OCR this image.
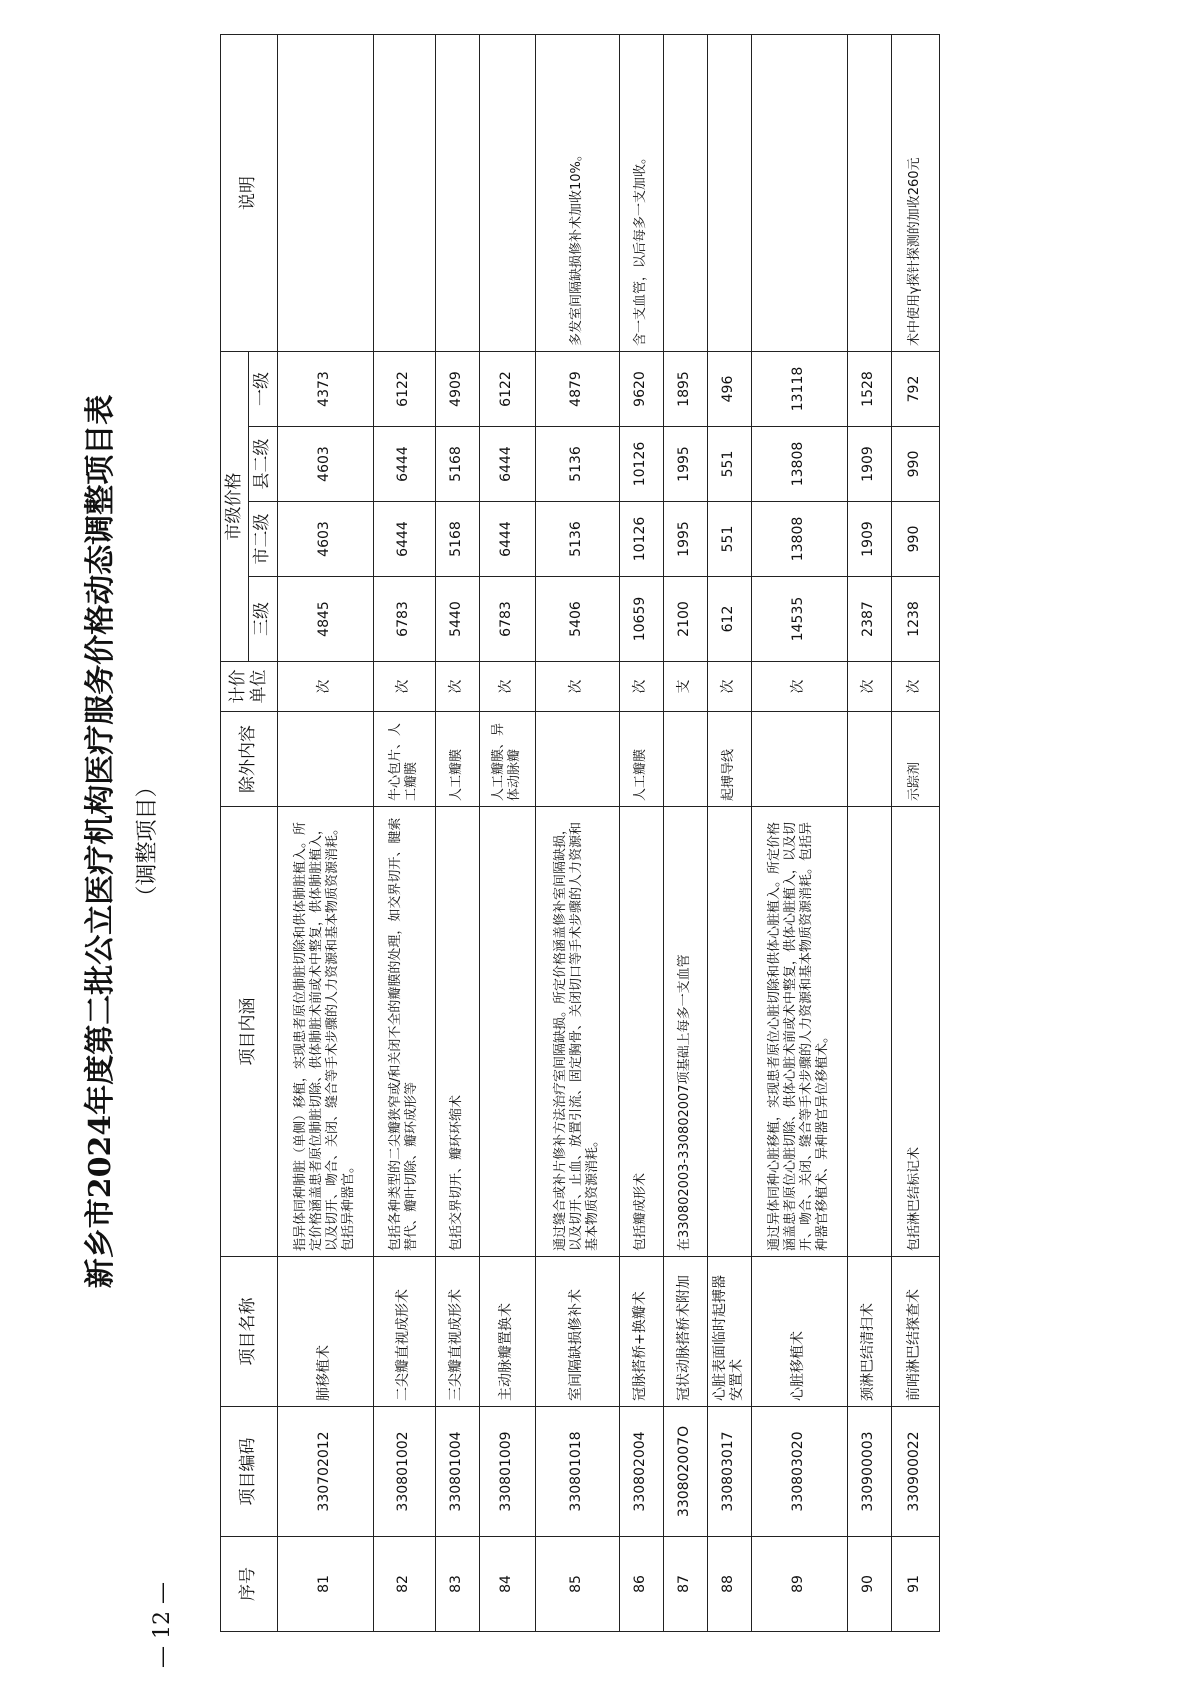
— 12 —
新乡市2024年度第二批公立医疗机构医疗服务价格动态调整项目表 （调整项目）
序号	项目编码	项目名称	项目内涵	除外内容	计价单位	市级价格				说明
						三级	市二级	县二级	一级	
81	330702012	肺移植术	指异体同种肺脏（单侧）移植，实现患者原位肺脏切除和供体肺脏植入。所定价格涵盖患者原位肺脏切除、供体肺脏术前或术中整复，供体肺脏植入，以及切开、吻合、关闭、缝合等手术步骤的人力资源和基本物质资源消耗。包括异种器官。		次	4845	4603	4603	4373	
82	330801002	二尖瓣直视成形术	包括各种类型的二尖瓣狭窄或/和关闭不全的瓣膜的处理，如交界切开、腱索替代、瓣叶切除、瓣环成形等	牛心包片、人工瓣膜	次	6783	6444	6444	6122	
83	330801004	三尖瓣直视成形术	包括交界切开、瓣环环缩术	人工瓣膜	次	5440	5168	5168	4909	
84	330801009	主动脉瓣置换术		人工瓣膜、异体动脉瓣	次	6783	6444	6444	6122	
85	330801018	室间隔缺损修补术	通过缝合或补片修补方法治疗室间隔缺损。所定价格涵盖修补室间隔缺损，以及切开、止血、放置引流、固定胸骨、关闭切口等手术步骤的人力资源和基本物质资源消耗。		次	5406	5136	5136	4879	多发室间隔缺损修补术加收10%。
86	330802004	冠脉搭桥+换瓣术	包括瓣成形术	人工瓣膜	次	10659	10126	10126	9620	含一支血管，以后每多一支加收。
87	330802007O	冠状动脉搭桥术附加	在330802003-330802007项基础上每多一支血管		支	2100	1995	1995	1895	
88	330803017	心脏表面临时起搏器安置术		起搏导线	次	612	551	551	496	
89	330803020	心脏移植术	通过异体同种心脏移植，实现患者原位心脏切除和供体心脏植入。所定价格涵盖患者原位心脏切除、供体心脏术前或术中整复，供体心脏植入，以及切开、吻合、关闭、缝合等手术步骤的人力资源和基本物质资源消耗。包括异种器官移植术、异种器官异位移植术。		次	14535	13808	13808	13118	
90	330900003	颈淋巴结清扫术			次	2387	1909	1909	1528	
91	330900022	前哨淋巴结探查术	包括淋巴结标记术	示踪剂	次	1238	990	990	792	术中使用γ探针探测的加收260元
